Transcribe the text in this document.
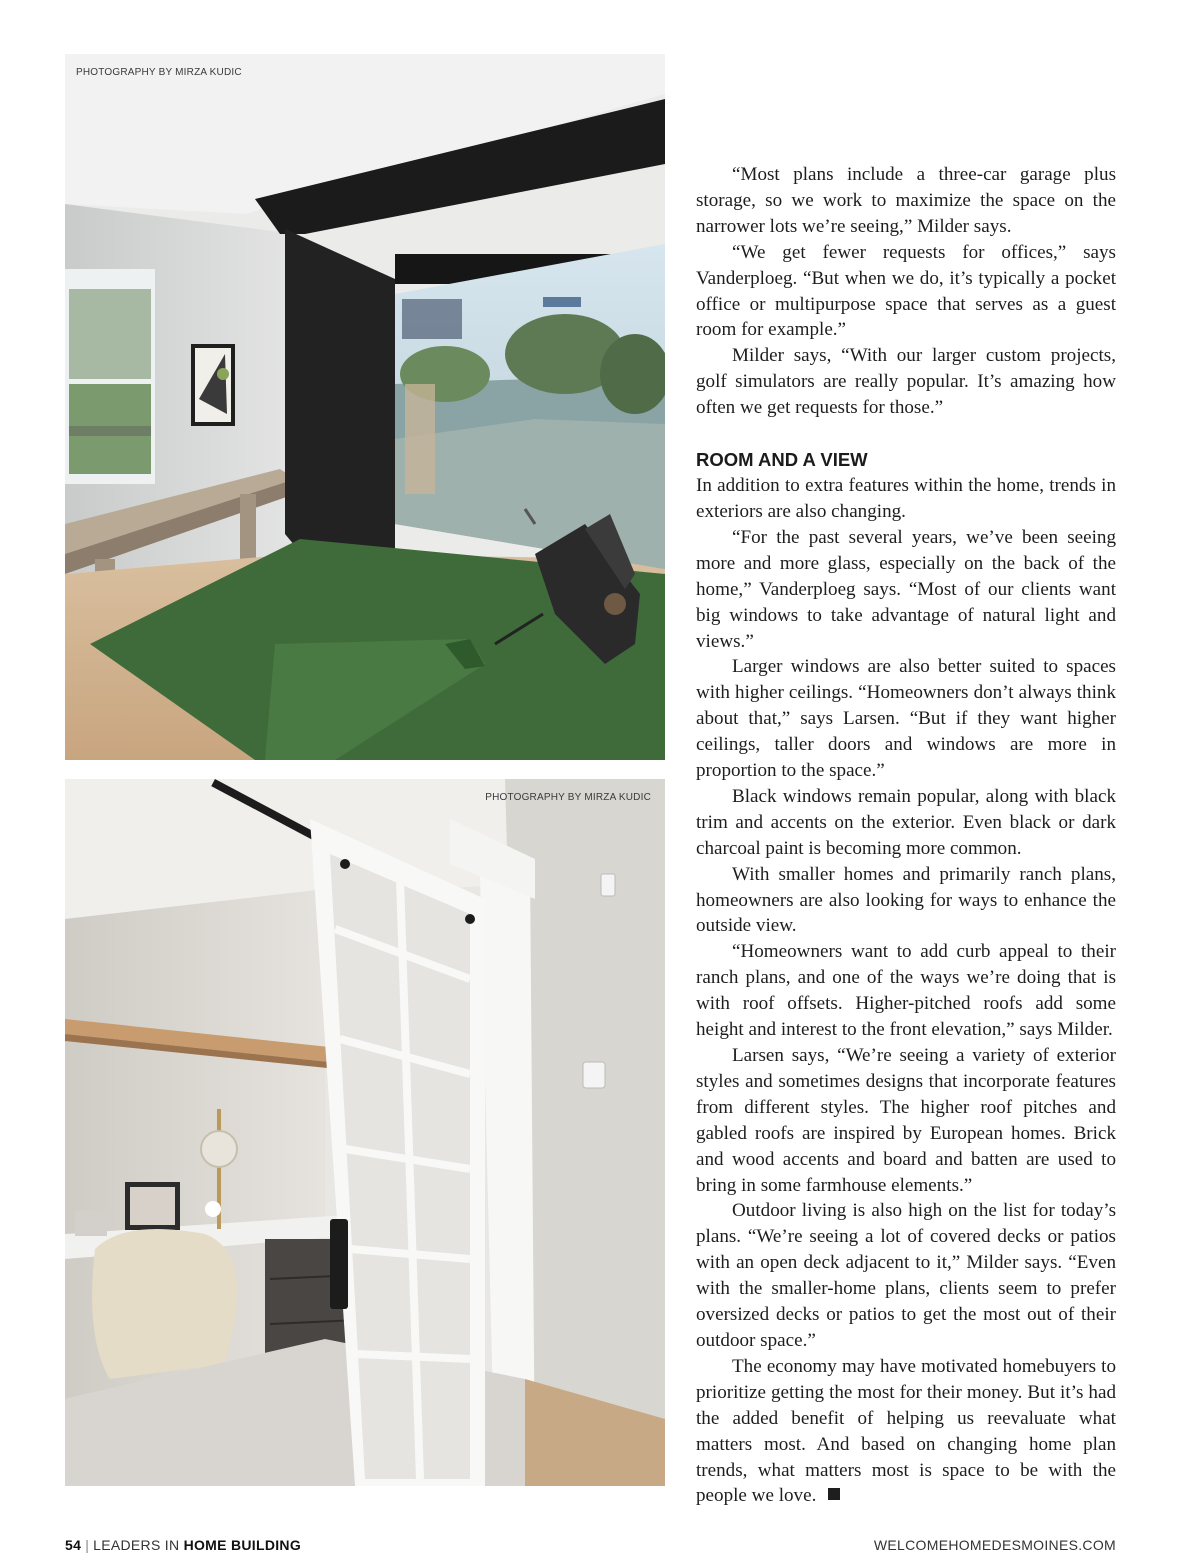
PHOTOGRAPHY BY MIRZA KUDIC
PHOTOGRAPHY BY MIRZA KUDIC

“Most plans include a three-car garage plus storage, so we work to maximize the space on the narrower lots we’re seeing,” Milder says.

“We get fewer requests for offices,” says Vanderploeg. “But when we do, it’s typically a pocket office or multipurpose space that serves as a guest room for example.”

Milder says, “With our larger custom projects, golf simulators are really popular. It’s amazing how often we get requests for those.”

ROOM AND A VIEW

In addition to extra features within the home, trends in exteriors are also changing.

“For the past several years, we’ve been seeing more and more glass, especially on the back of the home,” Vanderploeg says. “Most of our clients want big windows to take advantage of natural light and views.”

Larger windows are also better suited to spaces with higher ceilings. “Homeowners don’t always think about that,” says Larsen. “But if they want higher ceilings, taller doors and windows are more in proportion to the space.”

Black windows remain popular, along with black trim and accents on the exterior. Even black or dark charcoal paint is becoming more common.

With smaller homes and primarily ranch plans, homeowners are also looking for ways to enhance the outside view.

“Homeowners want to add curb appeal to their ranch plans, and one of the ways we’re doing that is with roof offsets. Higher-pitched roofs add some height and interest to the front elevation,” says Milder.

Larsen says, “We’re seeing a variety of exterior styles and sometimes designs that incorporate features from different styles. The higher roof pitches and gabled roofs are inspired by European homes. Brick and wood accents and board and batten are used to bring in some farmhouse elements.”

Outdoor living is also high on the list for today’s plans. “We’re seeing a lot of covered decks or patios with an open deck adjacent to it,” Milder says. “Even with the smaller-home plans, clients seem to prefer oversized decks or patios to get the most out of their outdoor space.”

The economy may have motivated homebuyers to prioritize getting the most for their money. But it’s had the added benefit of helping us reevaluate what matters most. And based on changing home plan trends, what matters most is space to be with the people we love.

54 | LEADERS IN HOME BUILDING	WELCOMEHOMEDESMOINES.COM
